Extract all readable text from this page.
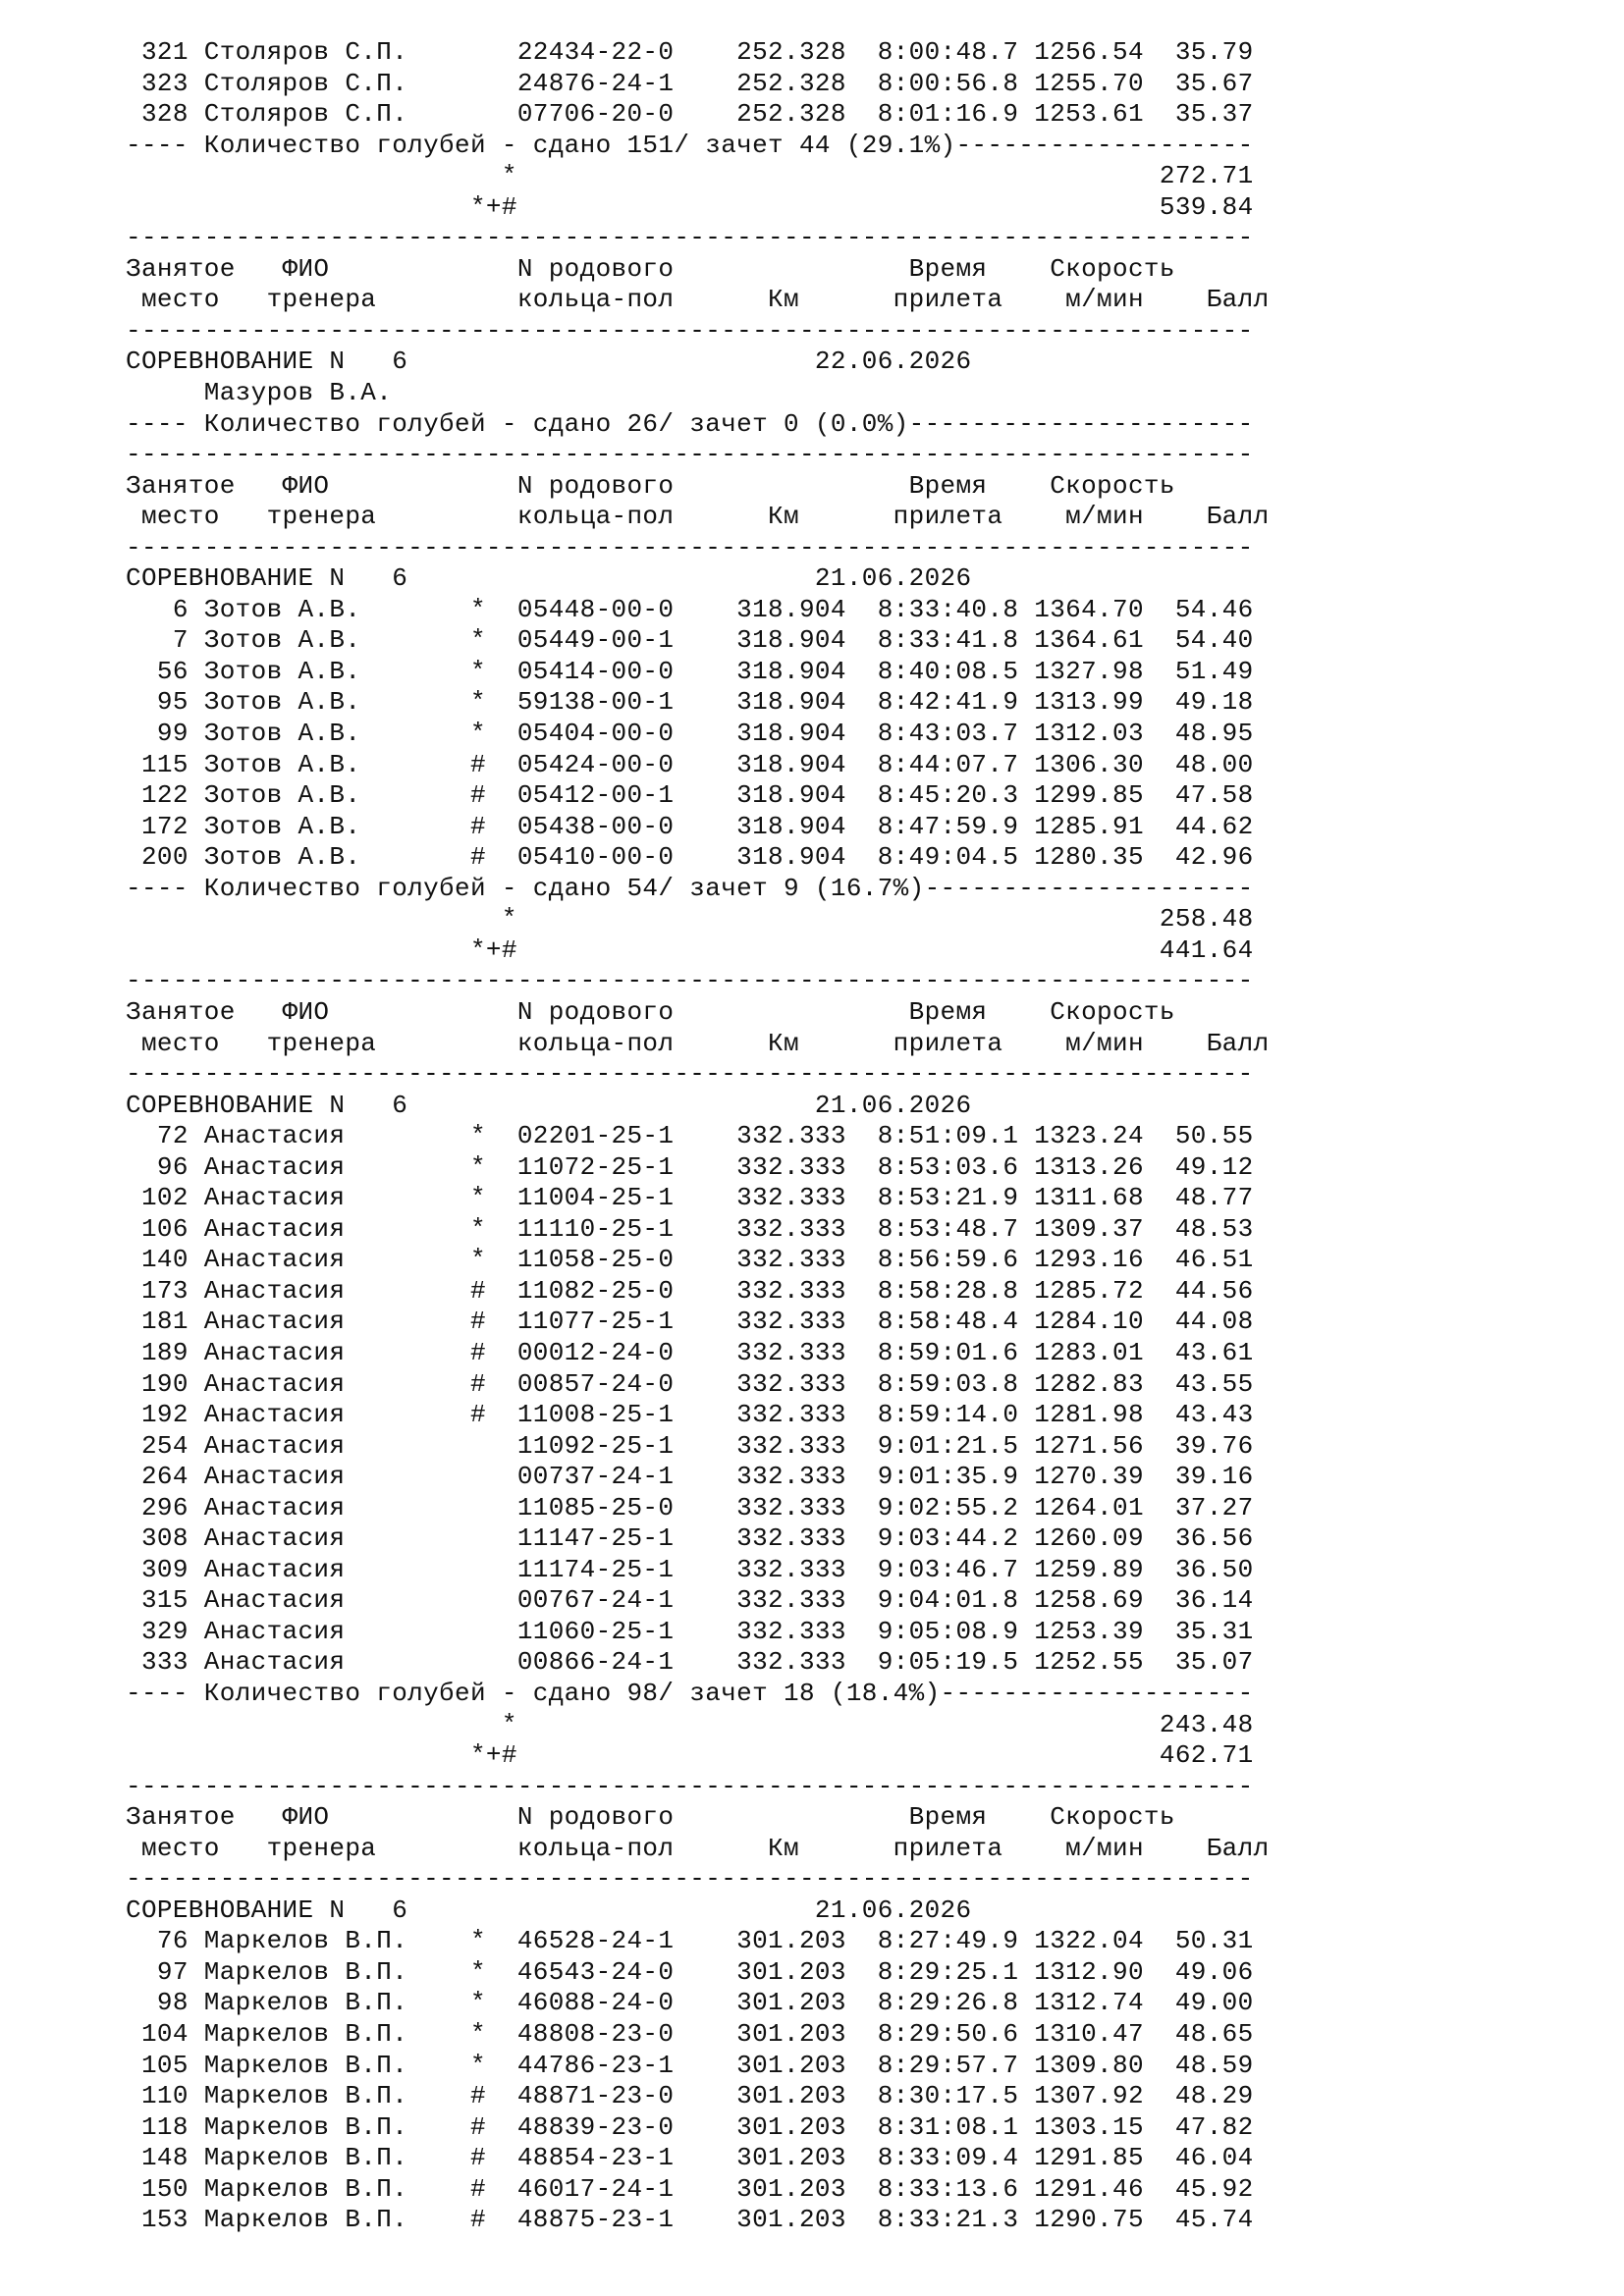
321 Столяров С.П.       22434-22-0    252.328  8:00:48.7 1256.54  35.79
323 Столяров С.П.       24876-24-1    252.328  8:00:56.8 1255.70  35.67
328 Столяров С.П.       07706-20-0    252.328  8:01:16.9 1253.61  35.37
---- Количество голубей - сдано 151/ зачет 44 (29.1%)-------------------
*                                         272.71
*+#                                         539.84
------------------------------------------------------------------------
Занятое   ФИО            N родового               Время    Скорость
место   тренера         кольца-пол      Км      прилета    м/мин    Балл
------------------------------------------------------------------------
СОРЕВНОВАНИЕ N   6                          22.06.2026
Мазуров В.А.
---- Количество голубей - сдано 26/ зачет 0 (0.0%)----------------------
------------------------------------------------------------------------
Занятое   ФИО            N родового               Время    Скорость
место   тренера         кольца-пол      Км      прилета    м/мин    Балл
------------------------------------------------------------------------
СОРЕВНОВАНИЕ N   6                          21.06.2026
6 Зотов А.В.       *  05448-00-0    318.904  8:33:40.8 1364.70  54.46
7 Зотов А.В.       *  05449-00-1    318.904  8:33:41.8 1364.61  54.40
56 Зотов А.В.       *  05414-00-0    318.904  8:40:08.5 1327.98  51.49
95 Зотов А.В.       *  59138-00-1    318.904  8:42:41.9 1313.99  49.18
99 Зотов А.В.       *  05404-00-0    318.904  8:43:03.7 1312.03  48.95
115 Зотов А.В.       #  05424-00-0    318.904  8:44:07.7 1306.30  48.00
122 Зотов А.В.       #  05412-00-1    318.904  8:45:20.3 1299.85  47.58
172 Зотов А.В.       #  05438-00-0    318.904  8:47:59.9 1285.91  44.62
200 Зотов А.В.       #  05410-00-0    318.904  8:49:04.5 1280.35  42.96
---- Количество голубей - сдано 54/ зачет 9 (16.7%)---------------------
*                                         258.48
*+#                                         441.64
------------------------------------------------------------------------
Занятое   ФИО            N родового               Время    Скорость
место   тренера         кольца-пол      Км      прилета    м/мин    Балл
------------------------------------------------------------------------
СОРЕВНОВАНИЕ N   6                          21.06.2026
72 Анастасия        *  02201-25-1    332.333  8:51:09.1 1323.24  50.55
96 Анастасия        *  11072-25-1    332.333  8:53:03.6 1313.26  49.12
102 Анастасия        *  11004-25-1    332.333  8:53:21.9 1311.68  48.77
106 Анастасия        *  11110-25-1    332.333  8:53:48.7 1309.37  48.53
140 Анастасия        *  11058-25-0    332.333  8:56:59.6 1293.16  46.51
173 Анастасия        #  11082-25-0    332.333  8:58:28.8 1285.72  44.56
181 Анастасия        #  11077-25-1    332.333  8:58:48.4 1284.10  44.08
189 Анастасия        #  00012-24-0    332.333  8:59:01.6 1283.01  43.61
190 Анастасия        #  00857-24-0    332.333  8:59:03.8 1282.83  43.55
192 Анастасия        #  11008-25-1    332.333  8:59:14.0 1281.98  43.43
254 Анастасия           11092-25-1    332.333  9:01:21.5 1271.56  39.76
264 Анастасия           00737-24-1    332.333  9:01:35.9 1270.39  39.16
296 Анастасия           11085-25-0    332.333  9:02:55.2 1264.01  37.27
308 Анастасия           11147-25-1    332.333  9:03:44.2 1260.09  36.56
309 Анастасия           11174-25-1    332.333  9:03:46.7 1259.89  36.50
315 Анастасия           00767-24-1    332.333  9:04:01.8 1258.69  36.14
329 Анастасия           11060-25-1    332.333  9:05:08.9 1253.39  35.31
333 Анастасия           00866-24-1    332.333  9:05:19.5 1252.55  35.07
---- Количество голубей - сдано 98/ зачет 18 (18.4%)--------------------
*                                         243.48
*+#                                         462.71
------------------------------------------------------------------------
Занятое   ФИО            N родового               Время    Скорость
место   тренера         кольца-пол      Км      прилета    м/мин    Балл
------------------------------------------------------------------------
СОРЕВНОВАНИЕ N   6                          21.06.2026
76 Маркелов В.П.    *  46528-24-1    301.203  8:27:49.9 1322.04  50.31
97 Маркелов В.П.    *  46543-24-0    301.203  8:29:25.1 1312.90  49.06
98 Маркелов В.П.    *  46088-24-0    301.203  8:29:26.8 1312.74  49.00
104 Маркелов В.П.    *  48808-23-0    301.203  8:29:50.6 1310.47  48.65
105 Маркелов В.П.    *  44786-23-1    301.203  8:29:57.7 1309.80  48.59
110 Маркелов В.П.    #  48871-23-0    301.203  8:30:17.5 1307.92  48.29
118 Маркелов В.П.    #  48839-23-0    301.203  8:31:08.1 1303.15  47.82
148 Маркелов В.П.    #  48854-23-1    301.203  8:33:09.4 1291.85  46.04
150 Маркелов В.П.    #  46017-24-1    301.203  8:33:13.6 1291.46  45.92
153 Маркелов В.П.    #  48875-23-1    301.203  8:33:21.3 1290.75  45.74
